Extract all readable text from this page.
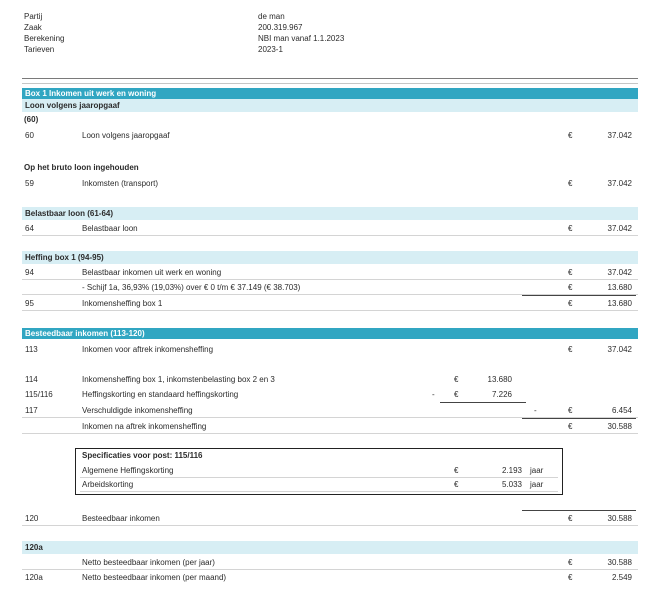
Partij	de man
Zaak	200.319.967
Berekening	NBI man vanaf 1.1.2023
Tarieven	2023-1
Box 1 Inkomen uit werk en woning
Loon volgens jaaropgaaf
(60)
60	Loon volgens jaaropgaaf	€	37.042
Op het bruto loon ingehouden
59	Inkomsten (transport)	€	37.042
Belastbaar loon (61-64)
64	Belastbaar loon	€	37.042
Heffing box 1 (94-95)
94	Belastbaar inkomen uit werk en woning	€	37.042
- Schijf 1a, 36,93% (19,03%) over € 0 t/m € 37.149 (€ 38.703)	€	13.680
95	Inkomensheffing box 1	€	13.680
Besteedbaar inkomen (113-120)
113	Inkomen voor aftrek inkomensheffing	€	37.042
114	Inkomensheffing box 1, inkomstenbelasting box 2 en 3	€	13.680
115/116	Heffingskorting en standaard heffingskorting	- €	7.226
117	Verschuldigde inkomensheffing	-	€	6.454
Inkomen na aftrek inkomensheffing	€	30.588
Specificaties voor post: 115/116
Algemene Heffingskorting	€	2.193 jaar
Arbeidskorting	€	5.033 jaar
120	Besteedbaar inkomen	€	30.588
120a
Netto besteedbaar inkomen (per jaar)	€	30.588
120a	Netto besteedbaar inkomen (per maand)	€	2.549
